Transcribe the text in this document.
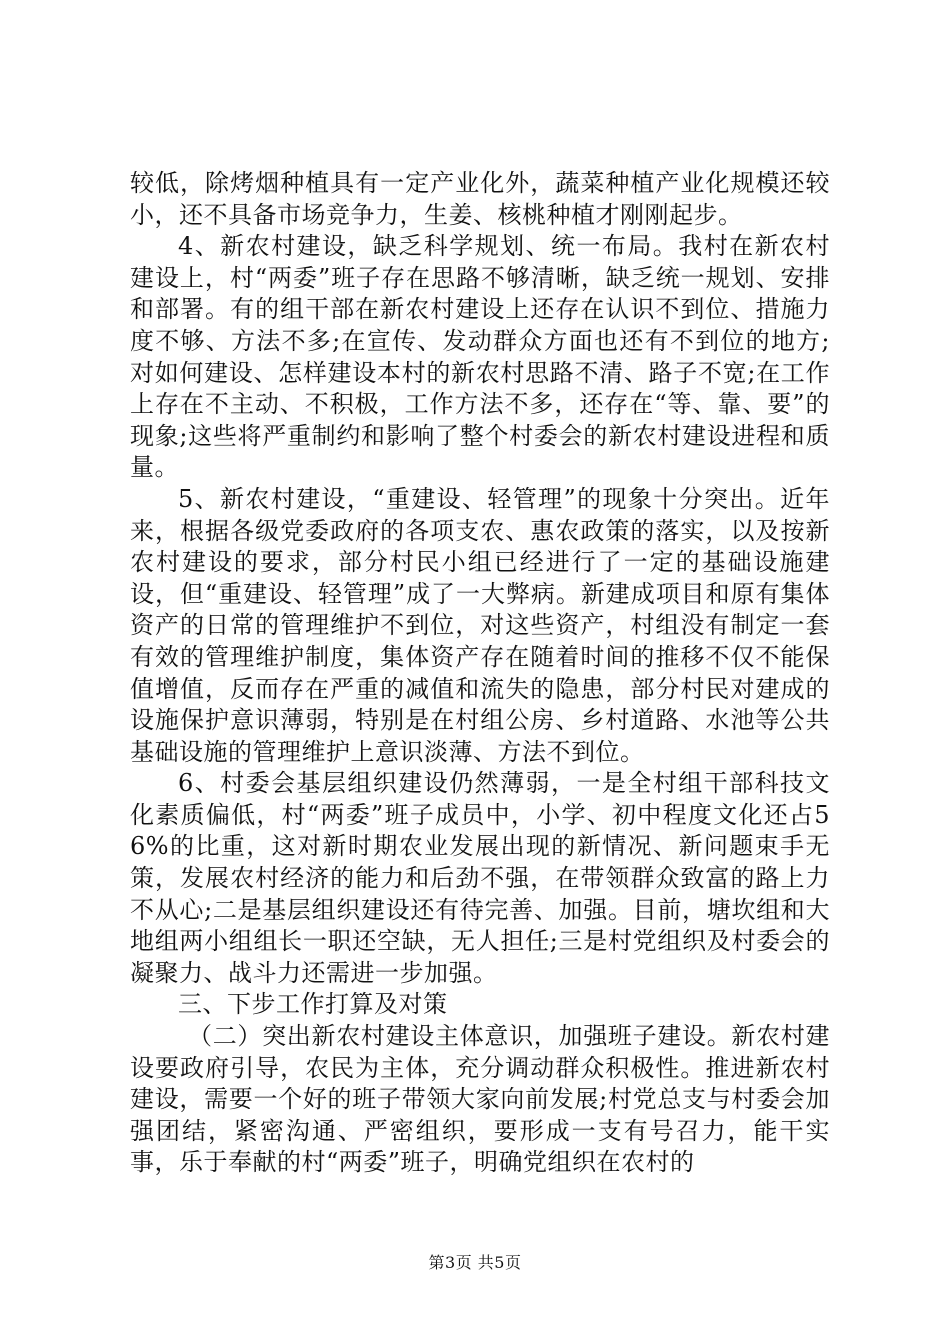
较低，除烤烟种植具有一定产业化外，蔬菜种植产业化规模还较小，还不具备市场竞争力，生姜、核桃种植才刚刚起步。

4、新农村建设，缺乏科学规划、统一布局。我村在新农村建设上，村“两委”班子存在思路不够清晰，缺乏统一规划、安排和部署。有的组干部在新农村建设上还存在认识不到位、措施力度不够、方法不多;在宣传、发动群众方面也还有不到位的地方;对如何建设、怎样建设本村的新农村思路不清、路子不宽;在工作上存在不主动、不积极，工作方法不多，还存在“等、靠、要”的现象;这些将严重制约和影响了整个村委会的新农村建设进程和质量。

5、新农村建设，“重建设、轻管理”的现象十分突出。近年来，根据各级党委政府的各项支农、惠农政策的落实，以及按新农村建设的要求，部分村民小组已经进行了一定的基础设施建设，但“重建设、轻管理”成了一大弊病。新建成项目和原有集体资产的日常的管理维护不到位，对这些资产，村组没有制定一套有效的管理维护制度，集体资产存在随着时间的推移不仅不能保值增值，反而存在严重的减值和流失的隐患，部分村民对建成的设施保护意识薄弱，特别是在村组公房、乡村道路、水池等公共基础设施的管理维护上意识淡薄、方法不到位。

6、村委会基层组织建设仍然薄弱，一是全村组干部科技文化素质偏低，村“两委”班子成员中，小学、初中程度文化还占56%的比重，这对新时期农业发展出现的新情况、新问题束手无策，发展农村经济的能力和后劲不强，在带领群众致富的路上力不从心;二是基层组织建设还有待完善、加强。目前，塘坎组和大地组两小组组长一职还空缺，无人担任;三是村党组织及村委会的凝聚力、战斗力还需进一步加强。

三、下步工作打算及对策

（二）突出新农村建设主体意识，加强班子建设。新农村建设要政府引导，农民为主体，充分调动群众积极性。推进新农村建设，需要一个好的班子带领大家向前发展;村党总支与村委会加强团结，紧密沟通、严密组织，要形成一支有号召力，能干实事，乐于奉献的村“两委”班子，明确党组织在农村的

第3页 共5页
